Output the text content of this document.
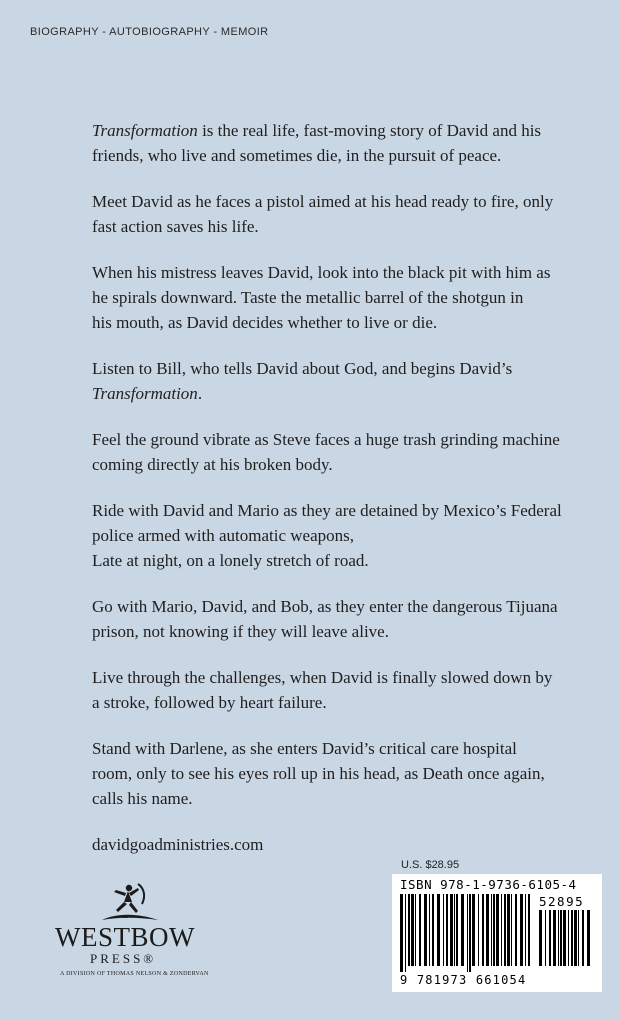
BIOGRAPHY - AUTOBIOGRAPHY - MEMOIR

Transformation is the real life, fast-moving story of David and his
friends, who live and sometimes die, in the pursuit of peace.

Meet David as he faces a pistol aimed at his head ready to fire, only
fast action saves his life.

When his mistress leaves David, look into the black pit with him as
he spirals downward. Taste the metallic barrel of the shotgun in
his mouth, as David decides whether to live or die.

Listen to Bill, who tells David about God, and begins David’s
Transformation.

Feel the ground vibrate as Steve faces a huge trash grinding machine
coming directly at his broken body.

Ride with David and Mario as they are detained by Mexico’s Federal
police armed with automatic weapons,
Late at night, on a lonely stretch of road.

Go with Mario, David, and Bob, as they enter the dangerous Tijuana
prison, not knowing if they will leave alive.

Live through the challenges, when David is finally slowed down by
a stroke, followed by heart failure.

Stand with Darlene, as she enters David’s critical care hospital
room, only to see his eyes roll up in his head, as Death once again,
calls his name.

davidgoadministries.com

U.S. $28.95
ISBN 978-1-9736-6105-4
52895
9 781973 661054
WESTBOW
PRESS®
A DIVISION OF THOMAS NELSON & ZONDERVAN
